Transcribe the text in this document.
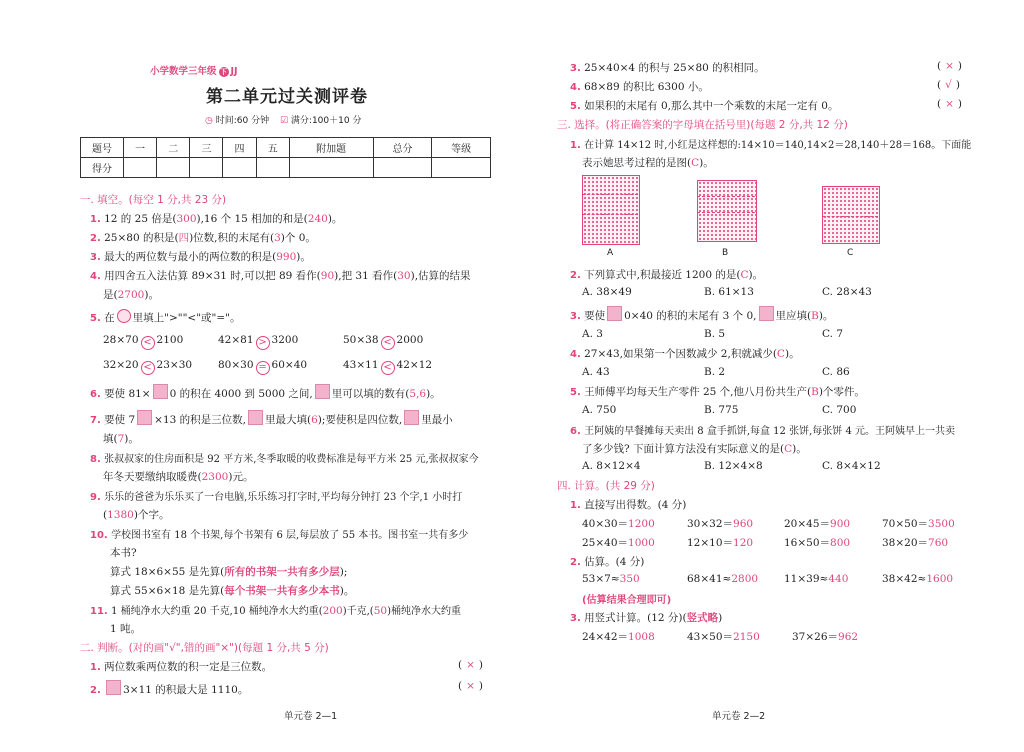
小学数学三年级 下 JJ
第二单元过关测评卷
◷ 时间:60 分钟 ☑ 满分:100＋10 分
题号	一	二	三	四	五	附加题	总分	等级
得分								
一. 填空。(每空 1 分,共 23 分)
1. 12 的 25 倍是(300),16 个 15 相加的和是(240)。
2. 25×80 的积是(四)位数,积的末尾有(3)个 0。
3. 最大的两位数与最小的两位数的积是(990)。
4. 用四舍五入法估算 89×31 时,可以把 89 看作(90),把 31 看作(30),估算的结果
是(2700)。
5. 在 里填上">""<"或"="。
28×70 < 2100	42×81 > 3200	50×38 < 2000
32×20 < 23×30 80×30 = 60×40	43×11 < 42×12
6. 要使 81× 0 的积在 4000 到 5000 之间, 里可以填的数有(5,6)。
7. 要使 7 ×13 的积是三位数, 里最大填(6);要使积是四位数, 里最小
填(7)。
8. 张叔叔家的住房面积是 92 平方米,冬季取暖的收费标准是每平方米 25 元,张叔叔家今
年冬天要缴纳取暖费(2300)元。
9. 乐乐的爸爸为乐乐买了一台电脑,乐乐练习打字时,平均每分钟打 23 个字,1 小时打
(1380)个字。
10. 学校图书室有 18 个书架,每个书架有 6 层,每层放了 55 本书。图书室一共有多少
本书?
算式 18×6×55 是先算(所有的书架一共有多少层);
算式 55×6×18 是先算(每个书架一共有多少本书)。
11. 1 桶纯净水大约重 20 千克,10 桶纯净水大约重(200)千克,(50)桶纯净水大约重
1 吨。
二. 判断。(对的画"√",错的画"×")(每题 1 分,共 5 分)
1. 两位数乘两位数的积一定是三位数。	( × )
2. 3×11 的积最大是 1110。	( × )
单元卷 2—1
3. 25×40×4 的积与 25×80 的积相同。	( × )
4. 68×89 的积比 6300 小。	( √ )
5. 如果积的末尾有 0,那么其中一个乘数的末尾一定有 0。	( × )
三. 选择。(将正确答案的字母填在括号里)(每题 2 分,共 12 分)
1. 在计算 14×12 时,小红是这样想的:14×10＝140,14×2＝28,140＋28＝168。下面能
表示她思考过程的是图(C)。
A	B	C
2. 下列算式中,积最接近 1200 的是(C)。
A. 38×49	B. 61×13	C. 28×43
3. 要使 0×40 的积的末尾有 3 个 0, 里应填(B)。
A. 3	B. 5	C. 7
4. 27×43,如果第一个因数减少 2,积就减少(C)。
A. 43	B. 2	C. 86
5. 王师傅平均每天生产零件 25 个,他八月份共生产(B)个零件。
A. 750	B. 775	C. 700
6. 王阿姨的早餐摊每天卖出 8 盒手抓饼,每盒 12 张饼,每张饼 4 元。王阿姨早上一共卖
了多少钱? 下面计算方法没有实际意义的是(C)。
A. 8×12×4	B. 12×4×8	C. 8×4×12
四. 计算。(共 29 分)
1. 直接写出得数。(4 分)
40×30＝1200	30×32＝960	20×45＝900	70×50＝3500
25×40＝1000	12×10＝120	16×50＝800	38×20＝760
2. 估算。(4 分)
53×7≈350	68×41≈2800 11×39≈440	38×42≈1600
(估算结果合理即可)
3. 用竖式计算。(12 分)(竖式略)
24×42＝1008	43×50＝2150	37×26＝962
单元卷 2—2
